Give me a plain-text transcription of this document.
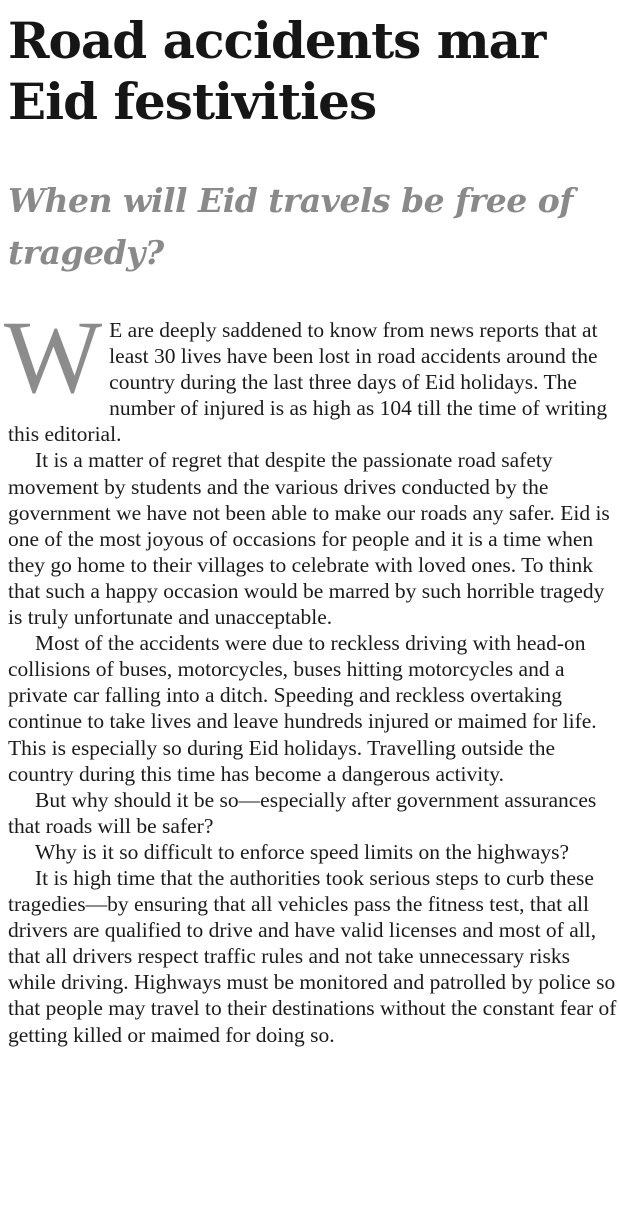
Road accidents mar Eid festivities
When will Eid travels be free of tragedy?

W E are deeply saddened to know from news reports that at least 30 lives have been lost in road accidents around the country during the last three days of Eid holidays. The number of injured is as high as 104 till the time of writing this editorial.

It is a matter of regret that despite the passionate road safety movement by students and the various drives conducted by the government we have not been able to make our roads any safer. Eid is one of the most joyous of occasions for people and it is a time when they go home to their villages to celebrate with loved ones. To think that such a happy occasion would be marred by such horrible tragedy is truly unfortunate and unacceptable.

Most of the accidents were due to reckless driving with head-on collisions of buses, motorcycles, buses hitting motorcycles and a private car falling into a ditch. Speeding and reckless overtaking continue to take lives and leave hundreds injured or maimed for life. This is especially so during Eid holidays. Travelling outside the country during this time has become a dangerous activity.

But why should it be so—especially after government assurances that roads will be safer?

Why is it so difficult to enforce speed limits on the highways?

It is high time that the authorities took serious steps to curb these tragedies—by ensuring that all vehicles pass the fitness test, that all drivers are qualified to drive and have valid licenses and most of all, that all drivers respect traffic rules and not take unnecessary risks while driving. Highways must be monitored and patrolled by police so that people may travel to their destinations without the constant fear of getting killed or maimed for doing so.
